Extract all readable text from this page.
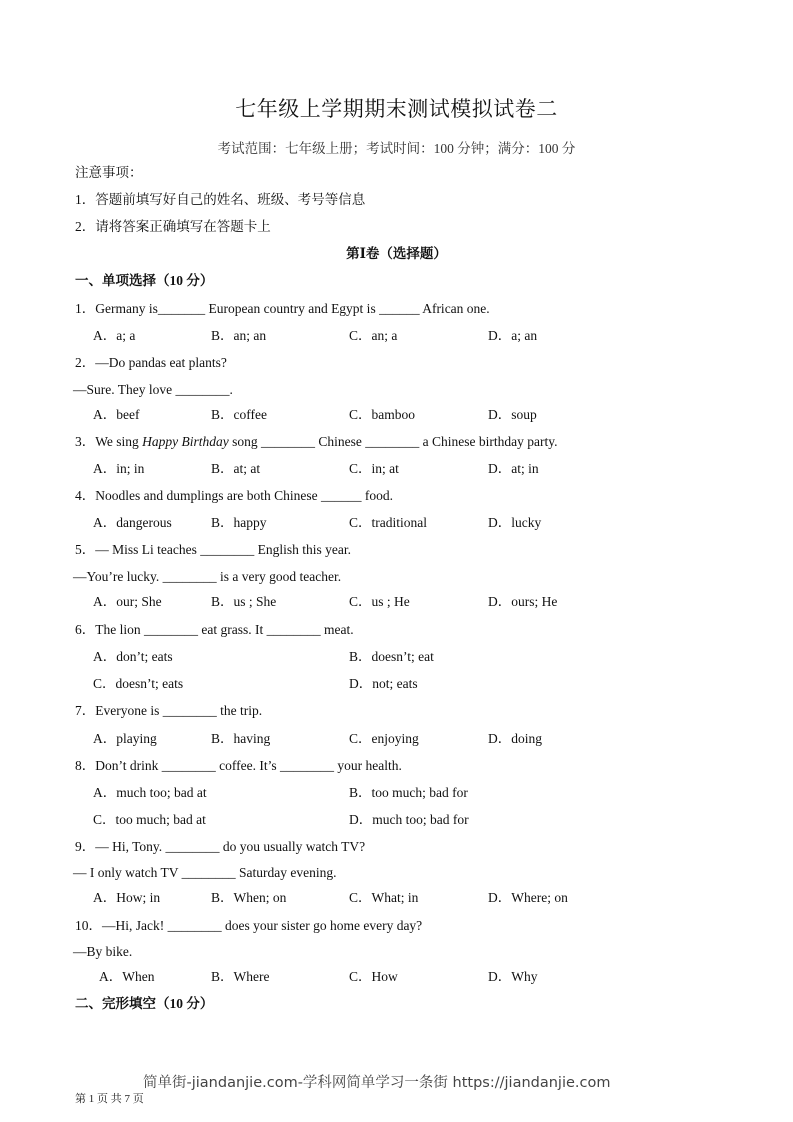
七年级上学期期末测试模拟试卷二
考试范围：七年级上册；考试时间：100 分钟；满分：100 分
注意事项：
1．答题前填写好自己的姓名、班级、考号等信息
2．请将答案正确填写在答题卡上
第Ⅰ卷（选择题）
一、单项选择（10 分）
1．Germany is_______ European country and Egypt is ______ African one.
A．a; a	B．an; an	C．an; a	D．a; an
2．—Do pandas eat plants?
—Sure. They love ________.
A．beef	B．coffee	C．bamboo	D．soup
3．We sing Happy Birthday song ________ Chinese ________ a Chinese birthday party.
A．in; in	B．at; at	C．in; at	D．at; in
4．Noodles and dumplings are both Chinese ______ food.
A．dangerous	B．happy	C．traditional	D．lucky
5．— Miss Li teaches ________ English this year.
—You’re lucky. ________ is a very good teacher.
A．our; She	B．us ; She	C．us ; He	D．ours; He
6．The lion ________ eat grass. It ________ meat.
A．don’t; eats	B．doesn’t; eat
C．doesn’t; eats	D．not; eats
7．Everyone is ________ the trip.
A．playing	B．having	C．enjoying	D．doing
8．Don’t drink ________ coffee. It’s ________ your health.
A．much too; bad at	B．too much; bad for
C．too much; bad at	D．much too; bad for
9．— Hi, Tony. ________ do you usually watch TV?
— I only watch TV ________ Saturday evening.
A．How; in	B．When; on	C．What; in	D．Where; on
10．—Hi, Jack! ________ does your sister go home every day?
—By bike.
A．When	B．Where	C．How	D．Why
二、完形填空（10 分）
简单街-jiandanjie.com-学科网简单学习一条街 https://jiandanjie.com
第 1 页 共 7 页
